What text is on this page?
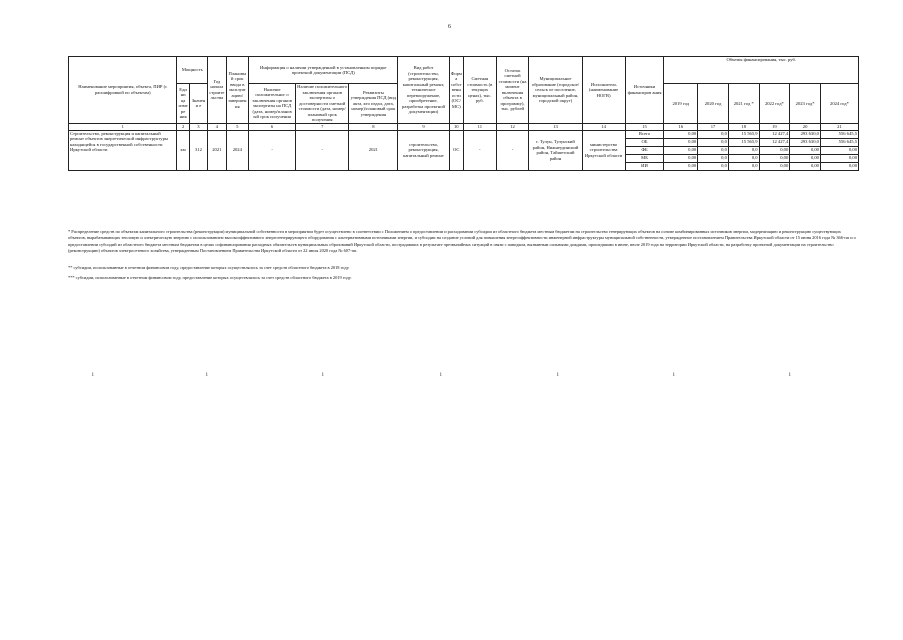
6
Наименование мероприятия, объекта, ПИР (с расшифровкой по объектам)	Мощность		Год начала строите льства	Плановы й срок ввода в эксплуат ацию/завершения	Информация о наличии утвержденной в установленном порядке проектной документации (ПСД)			Вид работ (строительство, реконструкция, капитальный ремонт, техническое перевооружение, приобретение, разработка проектной документации)	Форм а собст венн ости (ОС/ МС)	Сметная стоимость (в текущих ценах), тыс. руб.	Остаток сметной стоимости (на момент включения объекта в программу), тыс. рублей	Муниципальное образование (городское/сельск ое поселение, муниципальный район, городской округ)	Исполнитель (наименование НОГВ)	Источники финансиров ания	Объемы финансирования, тыс. руб.					
	Едини ца измере ния	Значени е			Наличие положительног о заключения органов экспертизы на ПСД (дата, номер/планов ый срок получения	Наличие положительного заключения органов экспертизы о достоверности сметной стоимости (дата, номер/плановый срок получения	Реквизиты утверждения ПСД (вид акта, кто издал, дата, номер)/плановый срок утверждения								2019 год	2020 год	2021 год *	2022 год*	2023 год*	2024 год*

1	2	3	4	5	6	7	8	9	10	11	12	13	14	15	16	17	18	19	20	21
Строительство, реконструкция и капитальный ремонт объектов энергетической инфраструктуры находящейся в государственной собственности Иркутской области	км	312	2021	2024	-	-	2021	строительство, реконструкция, капитальный ремонт	ОС	-	-	г. Тулун, Тулунский район, Нижнеудинский район, Тайшетский район	министерство строительства Иркутской области	Всего	0,00	0,0	15 565,9	12 427,4	293 630,0	556 645,5
														ОБ	0,00	0,0	15 565,9	12 427,4	293 630,0	556 645,5
														ФБ	0,00	0,0	0,0	0,00	0,00	0,00
														МБ	0,00	0,0	0,0	0,00	0,00	0,00
														ИИ	0,00	0,0	0,0	0,00	0,00	0,00
* Распределение средств по объектам капитального строительства (реконструкции) муниципальной собственности в мероприятии будет осуществлено в соответствии с Положением о предоставлении и расходовании субсидии из областного бюджета местным бюджетам на строительство генерирующих объектов на основе комбинированных источников энергии, модернизацию и реконструкцию существующих объектов, вырабатывающих тепловую и электрическую энергию с использованием высокоэффективного энергогенерирующего оборудования с альтернативными источниками энергии, и субсидии на создание условий для повышения энергоэффективности инженерной инфраструктуры муниципальной собственности, утвержденное постановлением Правительства Иркутской области от 15 июня 2016 года № 366-пп и о предоставлении субсидий из областного бюджета местным бюджетам в целях софинансирования расходных обязательств муниципальных образований Иркутской области, пострадавших в результате чрезвычайных ситуаций в связи с паводком, вызванным сильными дождями, прошедшими в июне, июле 2019 года на территории Иркутской области, на разработку проектной документации на строительство (реконструкцию) объектов электросетевого хозяйства, утвержденным Постановлением Правительства Иркутской области от 22 июля 2020 года № 607-пп.
** субсидии, использованные в отчетном финансовом году, предоставление которых осуществлялось за счет средств областного бюджета в 2018 году.
*** субсидии, использованные в отчетном финансовом году, предоставление которых осуществлялось за счет средств областного бюджета в 2019 году.
i	i	i	i	i	i	i
